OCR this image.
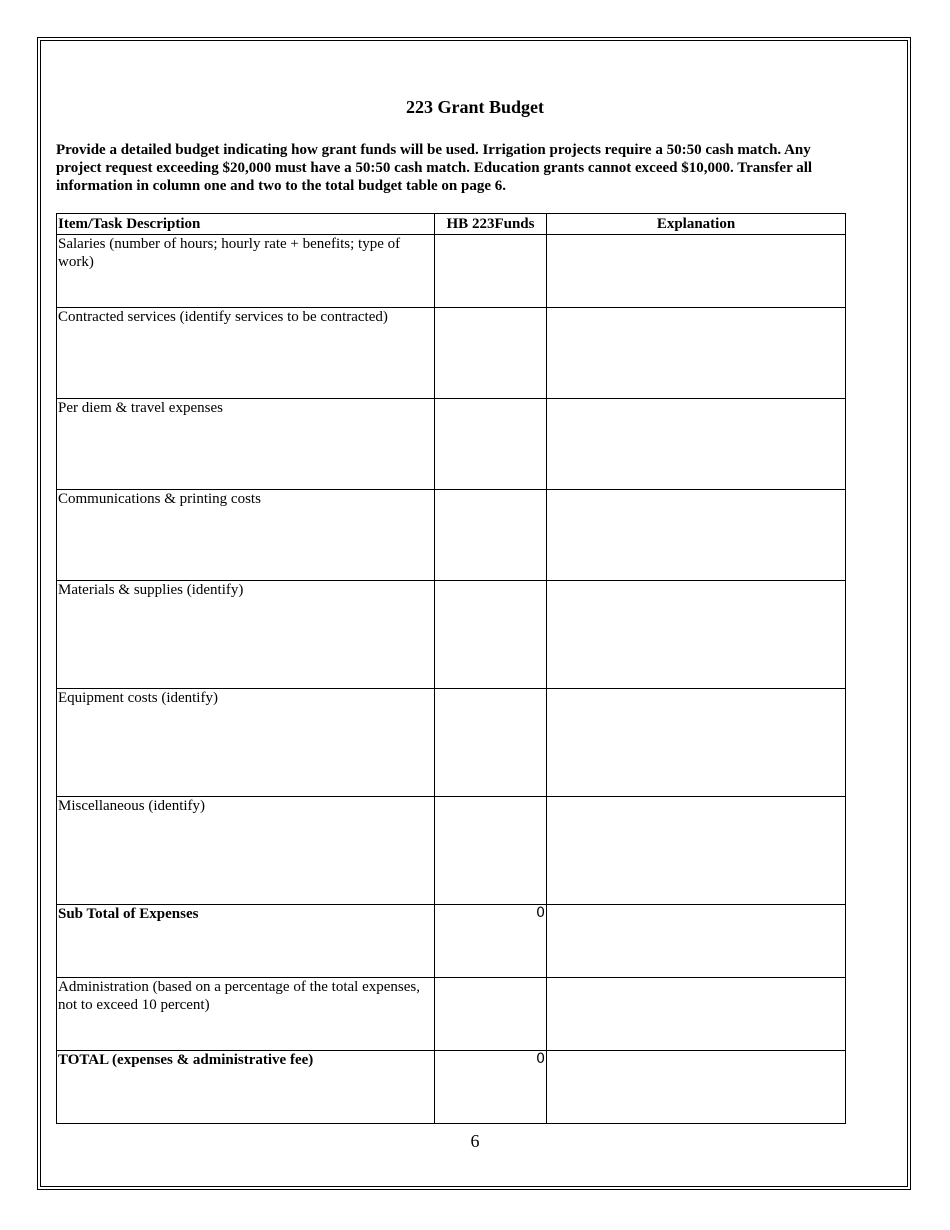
223 Grant Budget
Provide a detailed budget indicating how grant funds will be used. Irrigation projects require a 50:50 cash match. Any project request exceeding $20,000 must have a 50:50 cash match. Education grants cannot exceed $10,000. Transfer all information in column one and two to the total budget table on page 6.
Item/Task Description	HB 223Funds	Explanation
Salaries (number of hours; hourly rate + benefits; type of work)		
Contracted services (identify services to be contracted)		
Per diem & travel expenses		
Communications & printing costs		
Materials & supplies (identify)		
Equipment costs (identify)		
Miscellaneous (identify)		
Sub Total of Expenses	0	
Administration (based on a percentage of the total expenses, not to exceed 10 percent)		
TOTAL (expenses & administrative fee)	0	
6
